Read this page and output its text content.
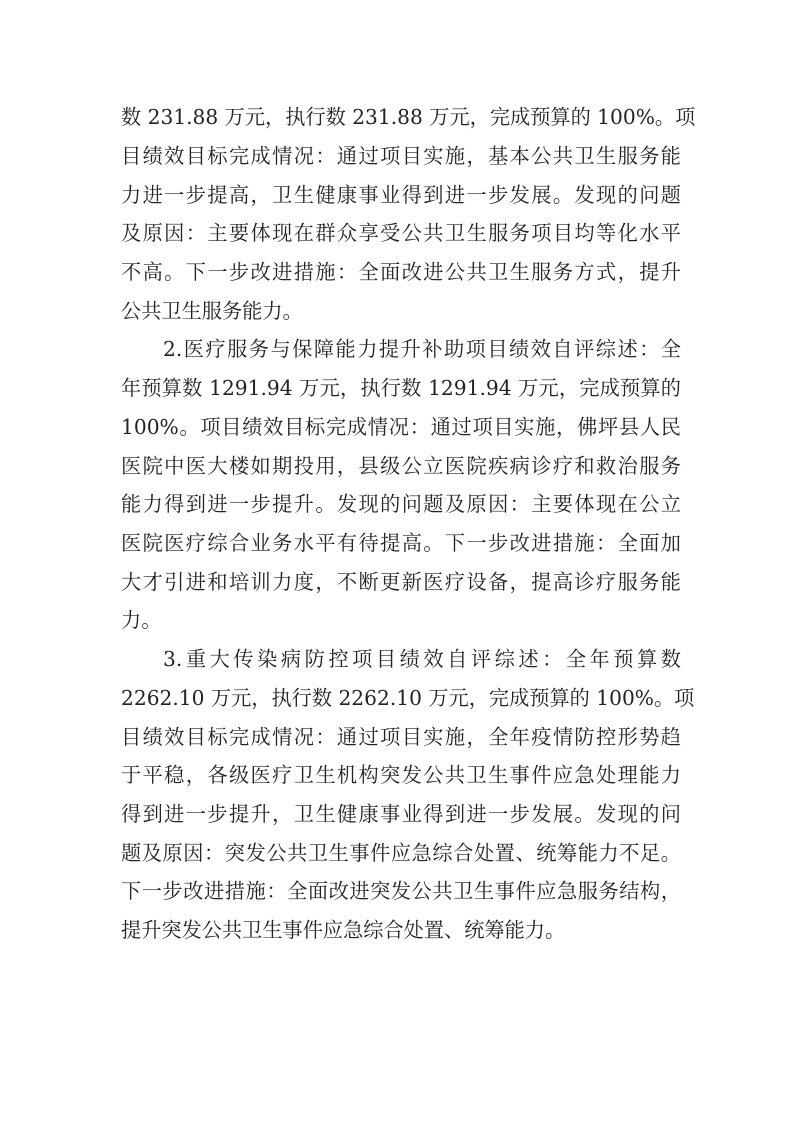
数 231.88 万元，执行数 231.88 万元，完成预算的 100%。项

目绩效目标完成情况：通过项目实施，基本公共卫生服务能

力进一步提高，卫生健康事业得到进一步发展。发现的问题

及原因：主要体现在群众享受公共卫生服务项目均等化水平

不高。下一步改进措施：全面改进公共卫生服务方式，提升

公共卫生服务能力。

2.医疗服务与保障能力提升补助项目绩效自评综述：全

年预算数 1291.94 万元，执行数 1291.94 万元，完成预算的

100%。项目绩效目标完成情况：通过项目实施，佛坪县人民

医院中医大楼如期投用，县级公立医院疾病诊疗和救治服务

能力得到进一步提升。发现的问题及原因：主要体现在公立

医院医疗综合业务水平有待提高。下一步改进措施：全面加

大才引进和培训力度，不断更新医疗设备，提高诊疗服务能

力。

3.重大传染病防控项目绩效自评综述：全年预算数

2262.10 万元，执行数 2262.10 万元，完成预算的 100%。项

目绩效目标完成情况：通过项目实施，全年疫情防控形势趋

于平稳，各级医疗卫生机构突发公共卫生事件应急处理能力

得到进一步提升，卫生健康事业得到进一步发展。发现的问

题及原因：突发公共卫生事件应急综合处置、统筹能力不足。

下一步改进措施：全面改进突发公共卫生事件应急服务结构，

提升突发公共卫生事件应急综合处置、统筹能力。
